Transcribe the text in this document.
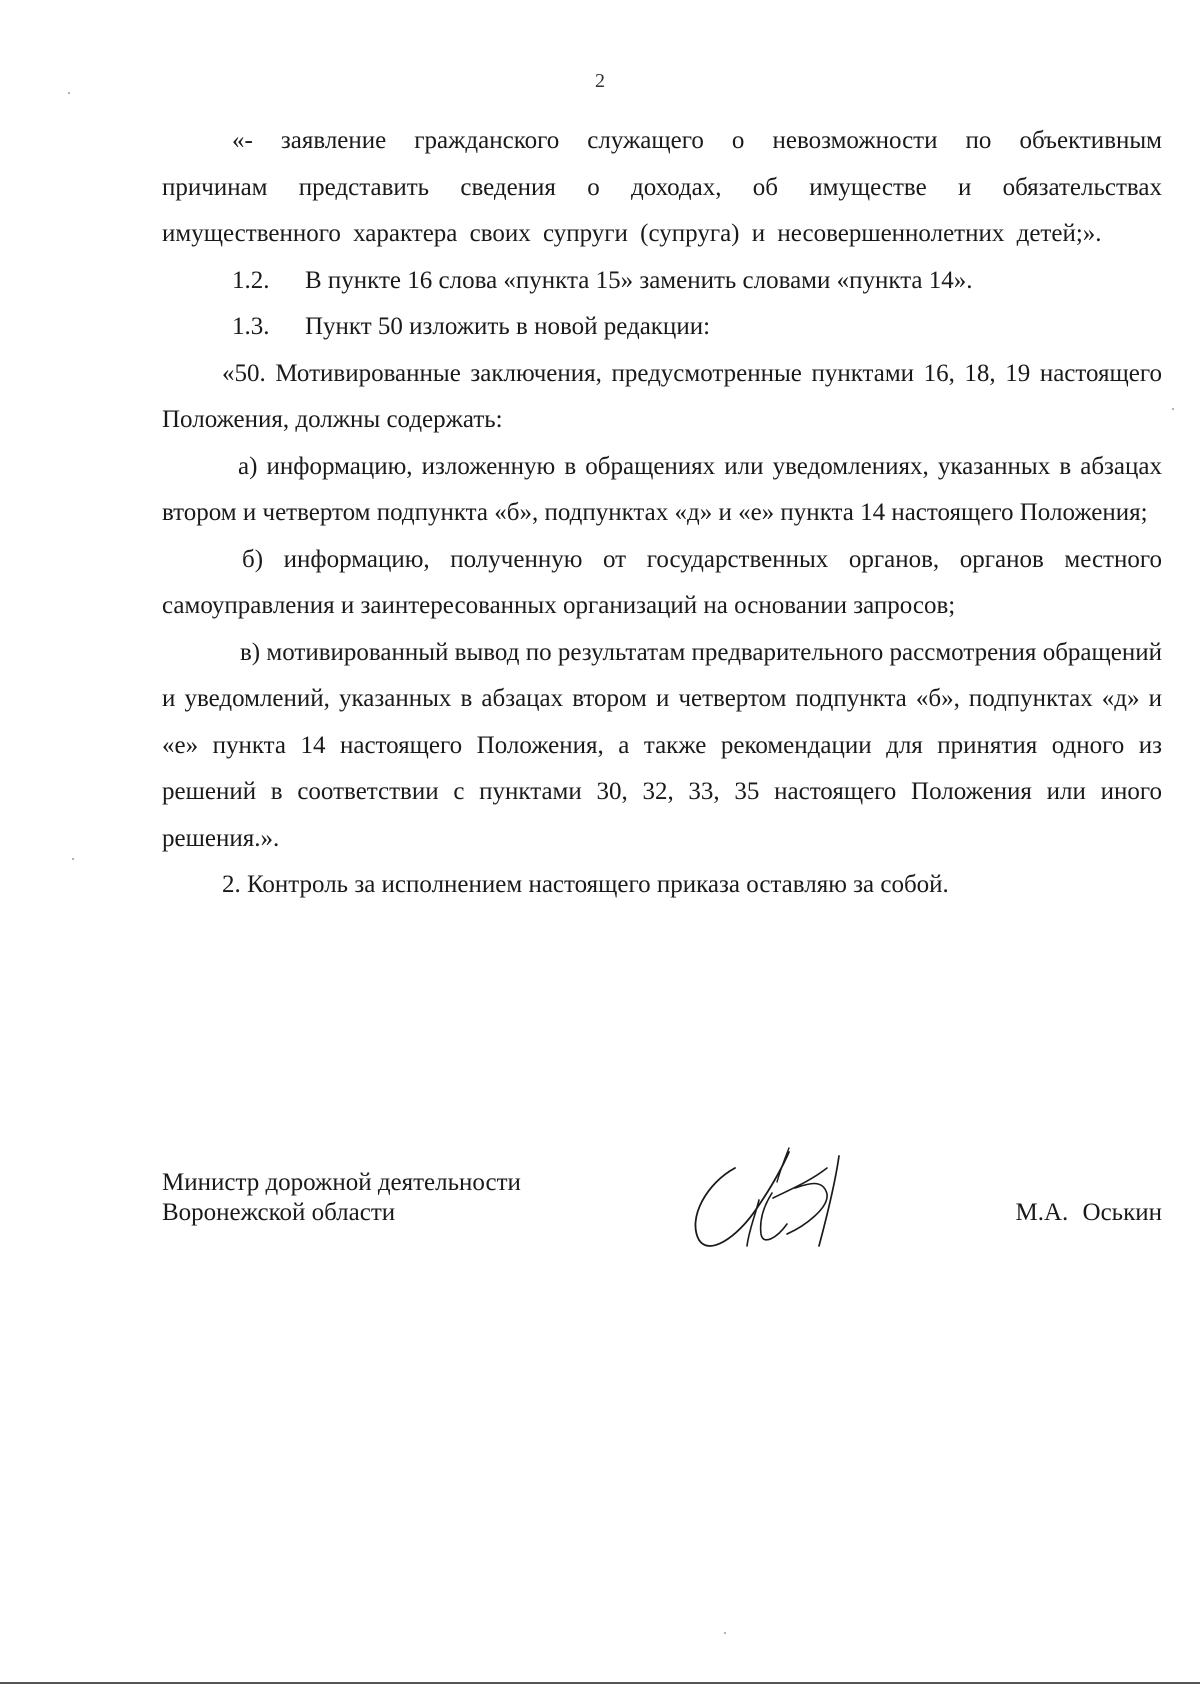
2

«- заявление гражданского служащего о невозможности по объективным причинам представить сведения о доходах, об имуществе и обязательствах имущественного характера своих супруги (супруга) и несовершеннолетних детей;».

1.2. В пункте 16 слова «пункта 15» заменить словами «пункта 14».

1.3. Пункт 50 изложить в новой редакции:

«50. Мотивированные заключения, предусмотренные пунктами 16, 18, 19 настоящего Положения, должны содержать:

а) информацию, изложенную в обращениях или уведомлениях, указанных в абзацах втором и четвертом подпункта «б», подпунктах «д» и «е» пункта 14 настоящего Положения;

б) информацию, полученную от государственных органов, органов местного самоуправления и заинтересованных организаций на основании запросов;

в) мотивированный вывод по результатам предварительного рассмотрения обращений и уведомлений, указанных в абзацах втором и четвертом подпункта «б», подпунктах «д» и «е» пункта 14 настоящего Положения, а также рекомендации для принятия одного из решений в соответствии с пунктами 30, 32, 33, 35 настоящего Положения или иного решения.».

2. Контроль за исполнением настоящего приказа оставляю за собой.

Министр дорожной деятельности
Воронежской области	М.А. Оськин
